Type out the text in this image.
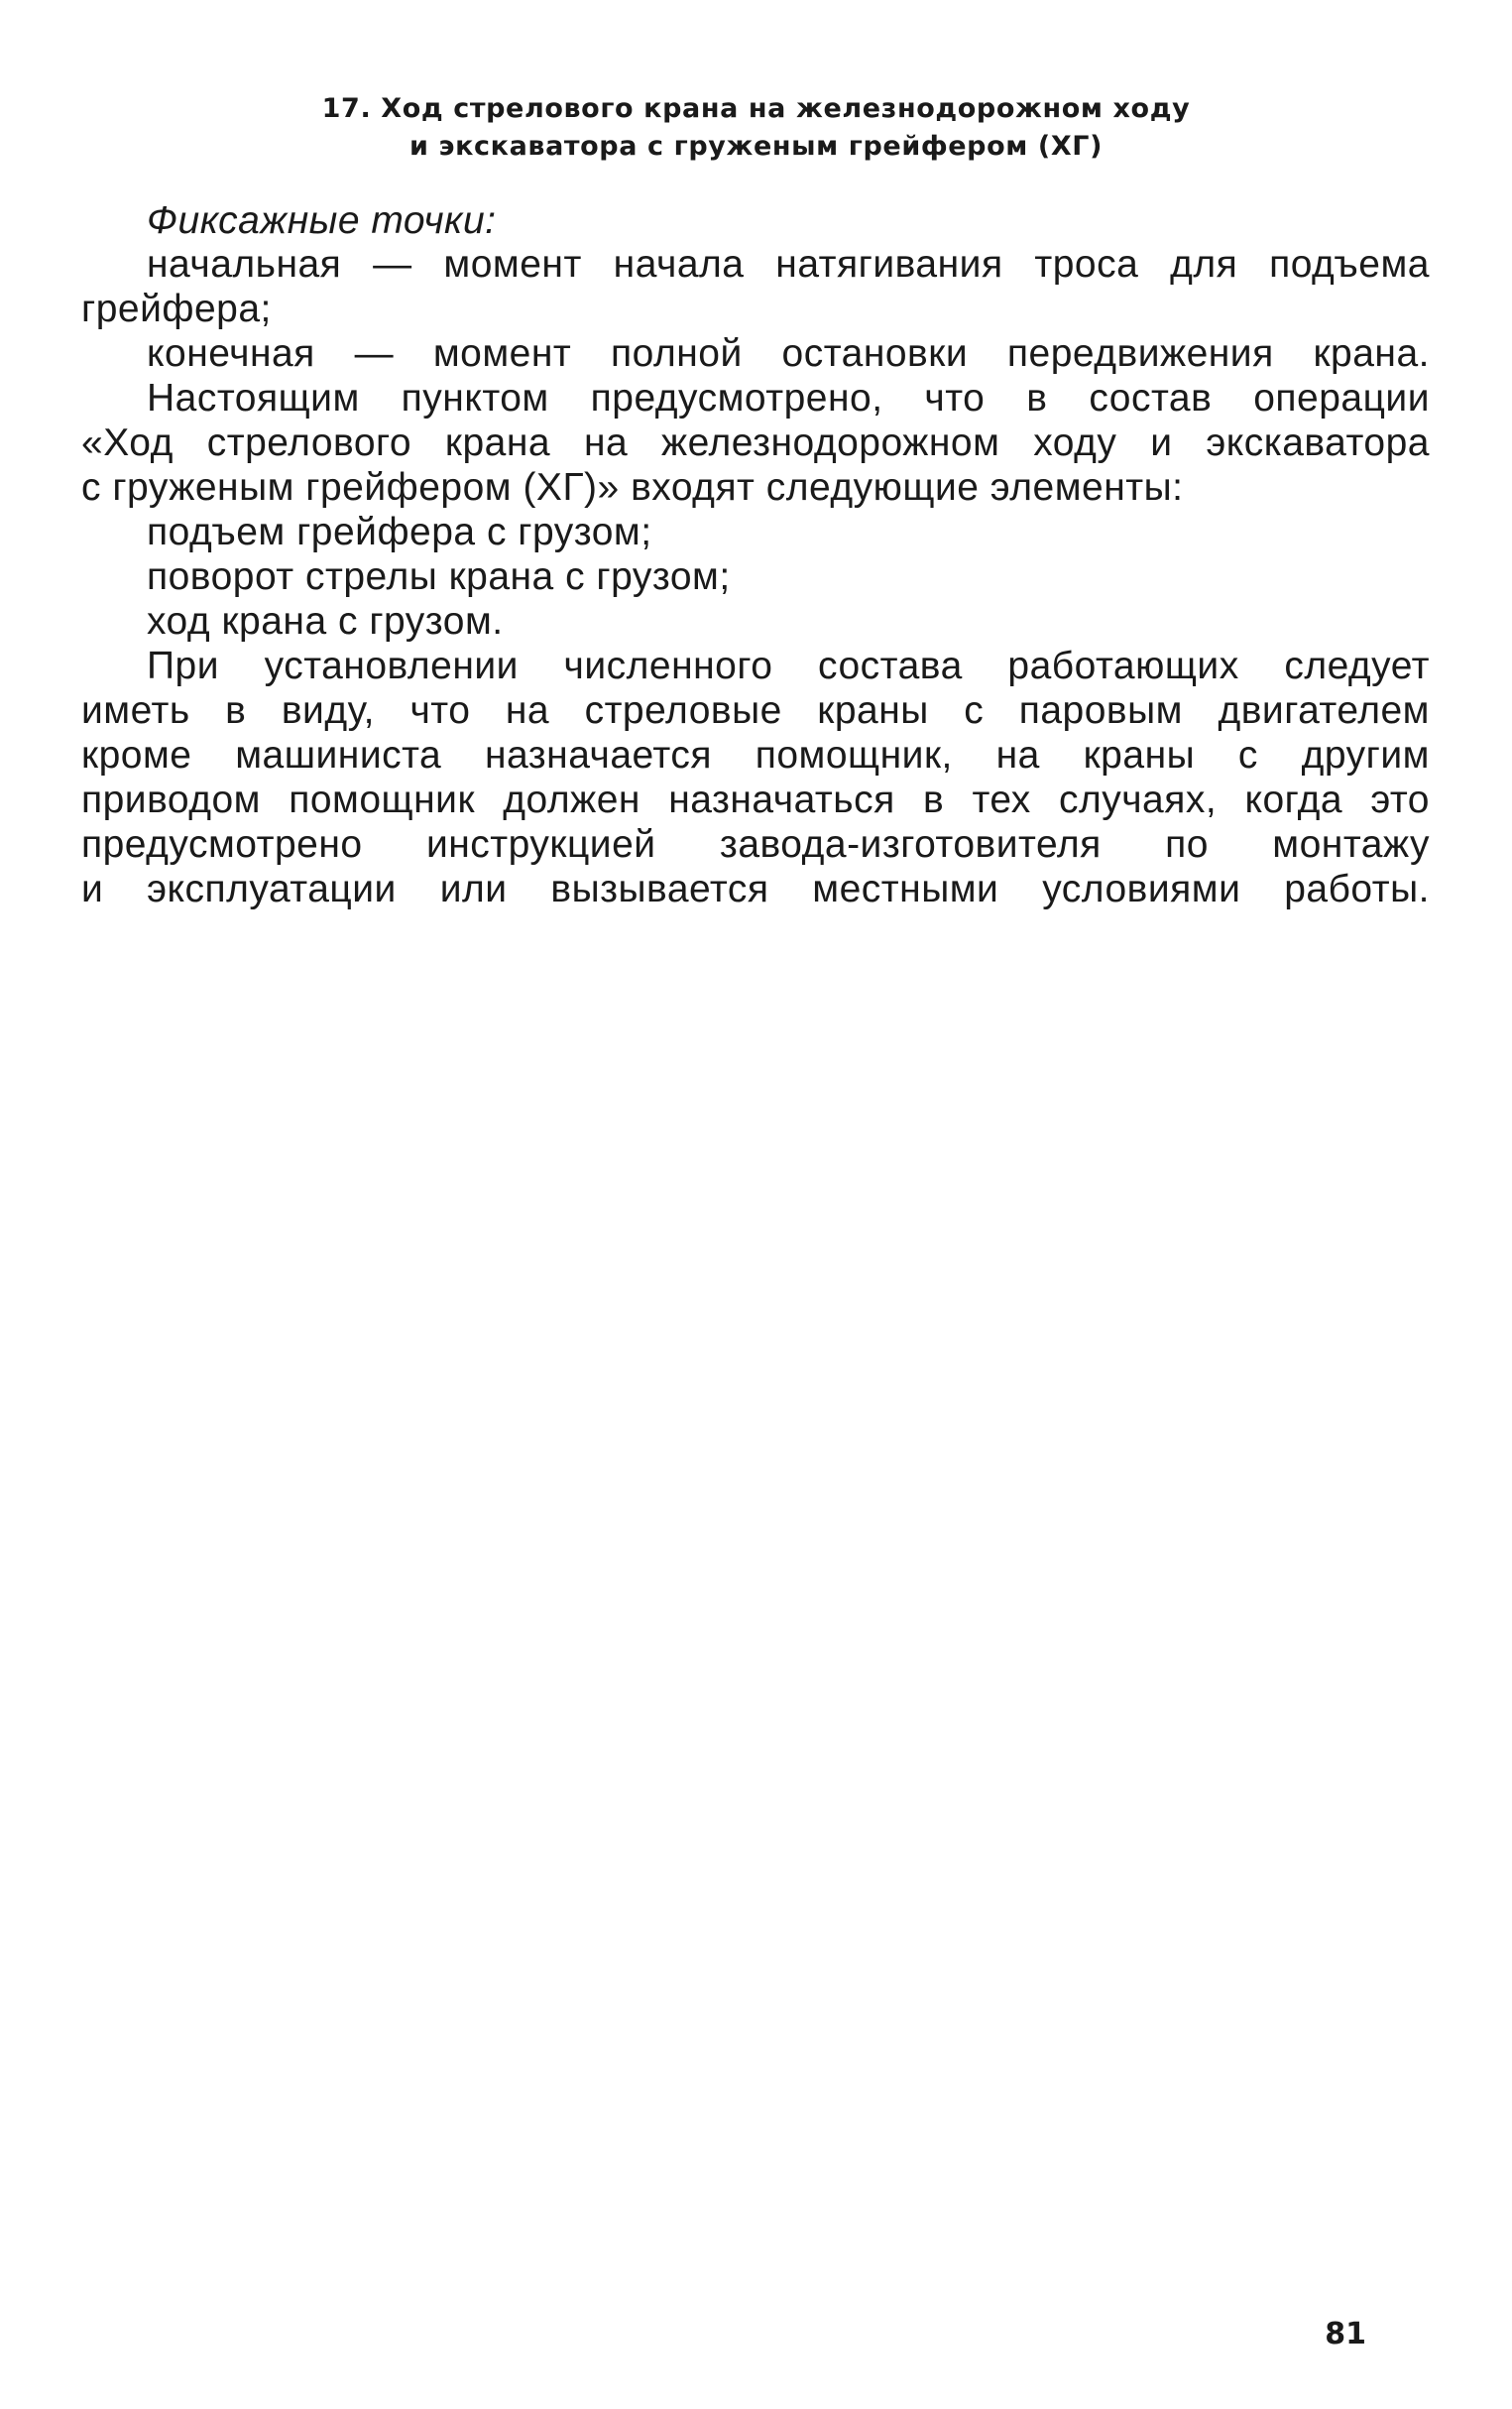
17. Ход стрелового крана на железнодорожном ходу
и экскаватора с груженым грейфером (ХГ)
Фиксажные точки:
начальная — момент начала натягивания троса для подъема
грейфера;
конечная — момент полной остановки передвижения крана.
Настоящим пунктом предусмотрено, что в состав операции
«Ход стрелового крана на железнодорожном ходу и экскаватора
с груженым грейфером (ХГ)» входят следующие элементы:
подъем грейфера с грузом;
поворот стрелы крана с грузом;
ход крана с грузом.
При установлении численного состава работающих следует
иметь в виду, что на стреловые краны с паровым двигателем
кроме машиниста назначается помощник, на краны с другим
приводом помощник должен назначаться в тех случаях, когда это
предусмотрено инструкцией завода-изготовителя по монтажу
и эксплуатации или вызывается местными условиями работы.
81
